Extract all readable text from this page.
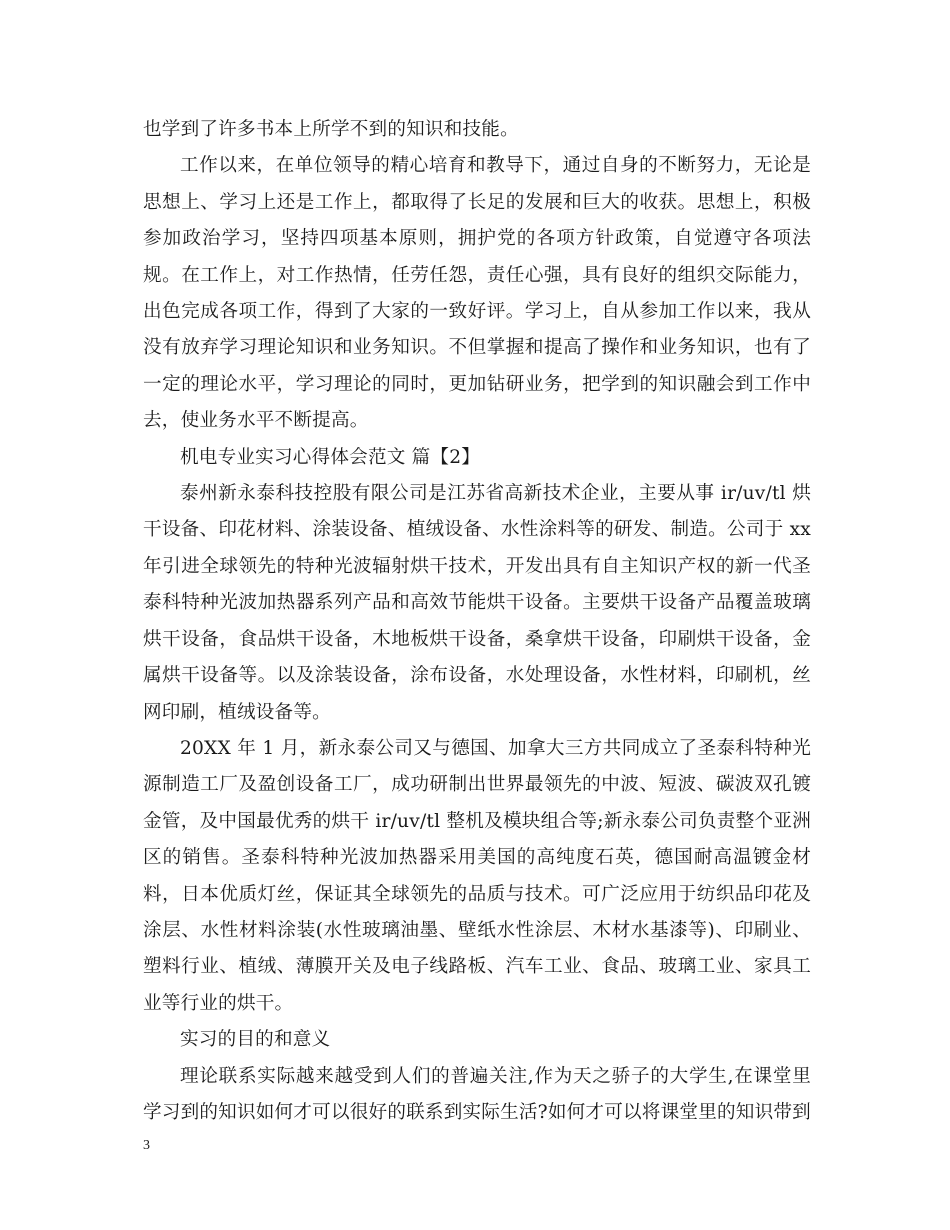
也学到了许多书本上所学不到的知识和技能。

工作以来，在单位领导的精心培育和教导下，通过自身的不断努力，无论是思想上、学习上还是工作上，都取得了长足的发展和巨大的收获。思想上，积极参加政治学习，坚持四项基本原则，拥护党的各项方针政策，自觉遵守各项法规。在工作上，对工作热情，任劳任怨，责任心强，具有良好的组织交际能力，出色完成各项工作，得到了大家的一致好评。学习上，自从参加工作以来，我从没有放弃学习理论知识和业务知识。不但掌握和提高了操作和业务知识，也有了一定的理论水平，学习理论的同时，更加钻研业务，把学到的知识融会到工作中去，使业务水平不断提高。

机电专业实习心得体会范文 篇【2】

泰州新永泰科技控股有限公司是江苏省高新技术企业，主要从事 ir/uv/tl 烘干设备、印花材料、涂装设备、植绒设备、水性涂料等的研发、制造。公司于 xx 年引进全球领先的特种光波辐射烘干技术，开发出具有自主知识产权的新一代圣泰科特种光波加热器系列产品和高效节能烘干设备。主要烘干设备产品覆盖玻璃烘干设备，食品烘干设备，木地板烘干设备，桑拿烘干设备，印刷烘干设备，金属烘干设备等。以及涂装设备，涂布设备，水处理设备，水性材料，印刷机，丝网印刷，植绒设备等。

20XX 年 1 月，新永泰公司又与德国、加拿大三方共同成立了圣泰科特种光源制造工厂及盈创设备工厂，成功研制出世界最领先的中波、短波、碳波双孔镀金管，及中国最优秀的烘干 ir/uv/tl 整机及模块组合等;新永泰公司负责整个亚洲区的销售。圣泰科特种光波加热器采用美国的高纯度石英，德国耐高温镀金材料，日本优质灯丝，保证其全球领先的品质与技术。可广泛应用于纺织品印花及涂层、水性材料涂装(水性玻璃油墨、壁纸水性涂层、木材水基漆等)、印刷业、塑料行业、植绒、薄膜开关及电子线路板、汽车工业、食品、玻璃工业、家具工业等行业的烘干。

实习的目的和意义

理论联系实际越来越受到人们的普遍关注,作为天之骄子的大学生,在课堂里学习到的知识如何才可以很好的联系到实际生活?如何才可以将课堂里的知识带到

3
